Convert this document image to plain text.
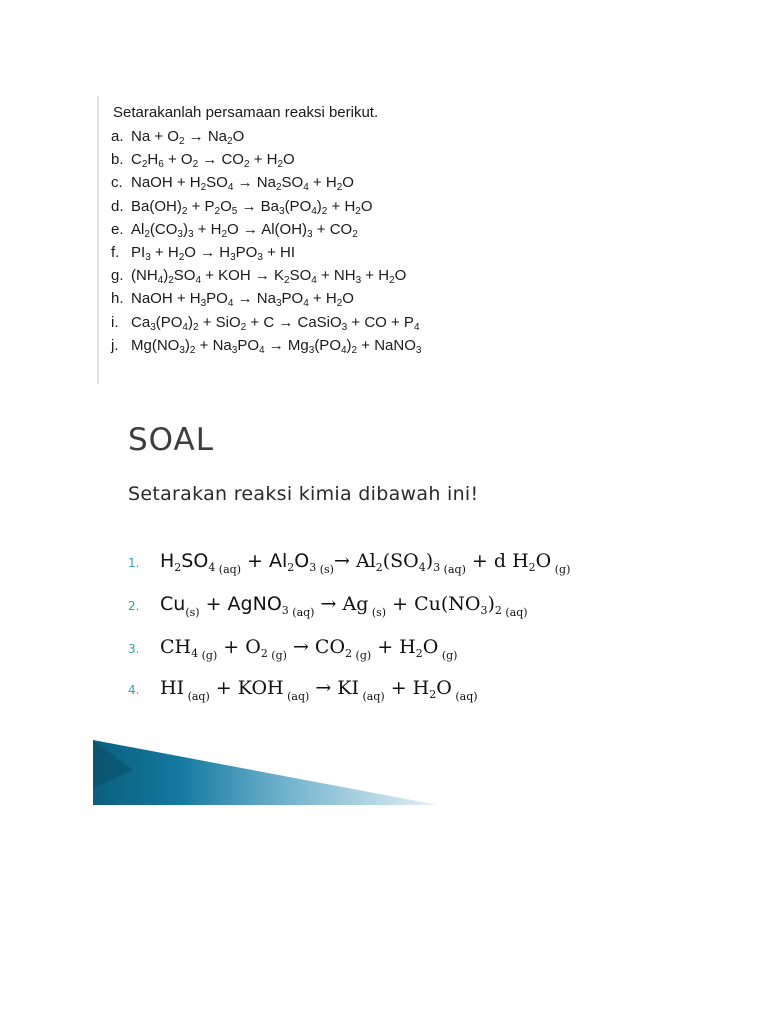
Setarakanlah persamaan reaksi berikut.
a. $Na + O_2 \to Na_2O$
b. $C_2H_6 + O_2 \to CO_2 + H_2O$
c. NaOH + $H_2SO_4 \to Na_2SO_4 + H_2O$
d. $Ba(OH)_2 + P_2O_5 \to Ba_3(PO_4)_2 + H_2O$
e. $Al_2(CO_3)_3 + H_2O \to Al(OH)_3 + CO_2$
f. $PI_3 + H_2O \to H_3PO_3$ + HI
g. $(NH_4)_2SO_4$ + KOH → $K_2SO_4 + NH_3 + H_2O$
h. NaOH + $H_3PO_4 \to Na_3PO_4 + H_2O$
i. $Ca_3(PO_4)_2 + SiO_2 + C$ → CaSiO$_3$ + CO + $P_4$
j. $Mg(NO_3)_2 + Na_3PO_4 \to Mg_3(PO_4)_2$ + NaNO$_3$
SOAL
Setarakan reaksi kimia dibawah ini!
1. $H_2SO_4$ $_{(aq)} + Al_2O_3$ $_{(s)}\to Al_2(SO_4)_3$ $_{(aq)}$ + d $H_2O$ $_{(g)}$
2. $Cu_{(s)}$ + AgNO$_3$ $_{(aq)}$ → Ag $_{(s)} + Cu(NO_3)_2$ $_{(aq)}$
3. $CH_4$ $_{(g)} + O_2$ $_{(g)} \to CO_2$ $_{(g)} + H_2O$ $_{(g)}$
4. HI $_{(aq)}$ + KOH $_{(aq)}$ → KI $_{(aq)} + H_2O$ $_{(aq)}$
